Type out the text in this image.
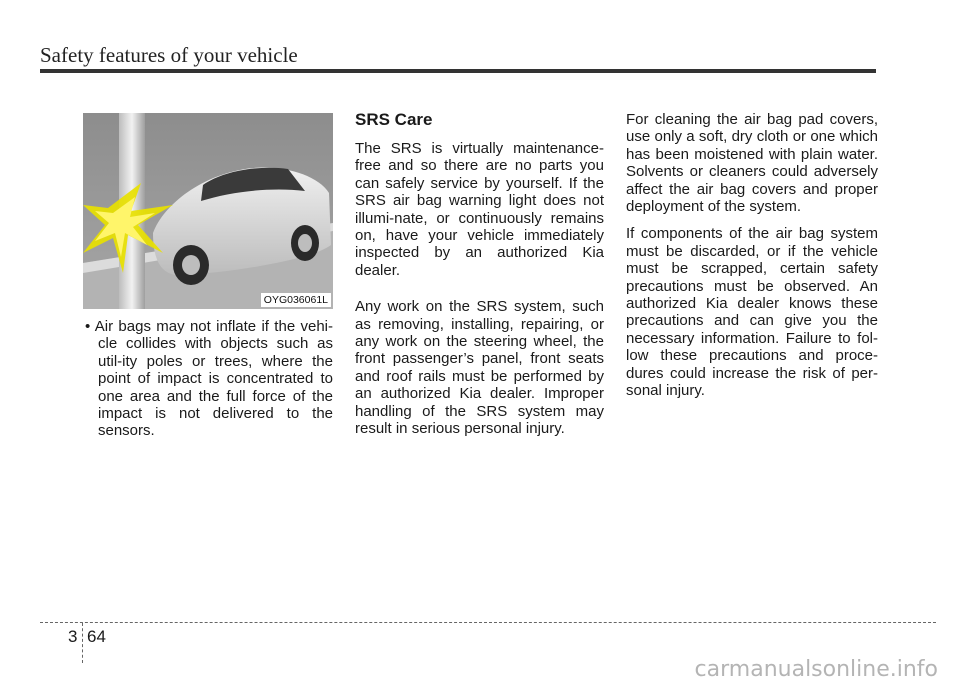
Safety features of your vehicle
OYG036061L

• Air bags may not inflate if the vehi-cle collides with objects such as util-ity poles or trees, where the point of impact is concentrated to one area and the full force of the impact is not delivered to the sensors.

SRS Care

The SRS is virtually maintenance-free and so there are no parts you can safely service by yourself. If the SRS air bag warning light does not illumi-nate, or continuously remains on, have your vehicle immediately inspected by an authorized Kia dealer.

Any work on the SRS system, such as removing, installing, repairing, or any work on the steering wheel, the front passenger’s panel, front seats and roof rails must be performed by an authorized Kia dealer. Improper handling of the SRS system may result in serious personal injury.

For cleaning the air bag pad covers, use only a soft, dry cloth or one which has been moistened with plain water. Solvents or cleaners could adversely affect the air bag covers and proper deployment of the system.

If components of the air bag system must be discarded, or if the vehicle must be scrapped, certain safety precautions must be observed. An authorized Kia dealer knows these precautions and can give you the necessary information. Failure to fol-low these precautions and proce-dures could increase the risk of per-sonal injury.

3 64
carmanualsonline.info
